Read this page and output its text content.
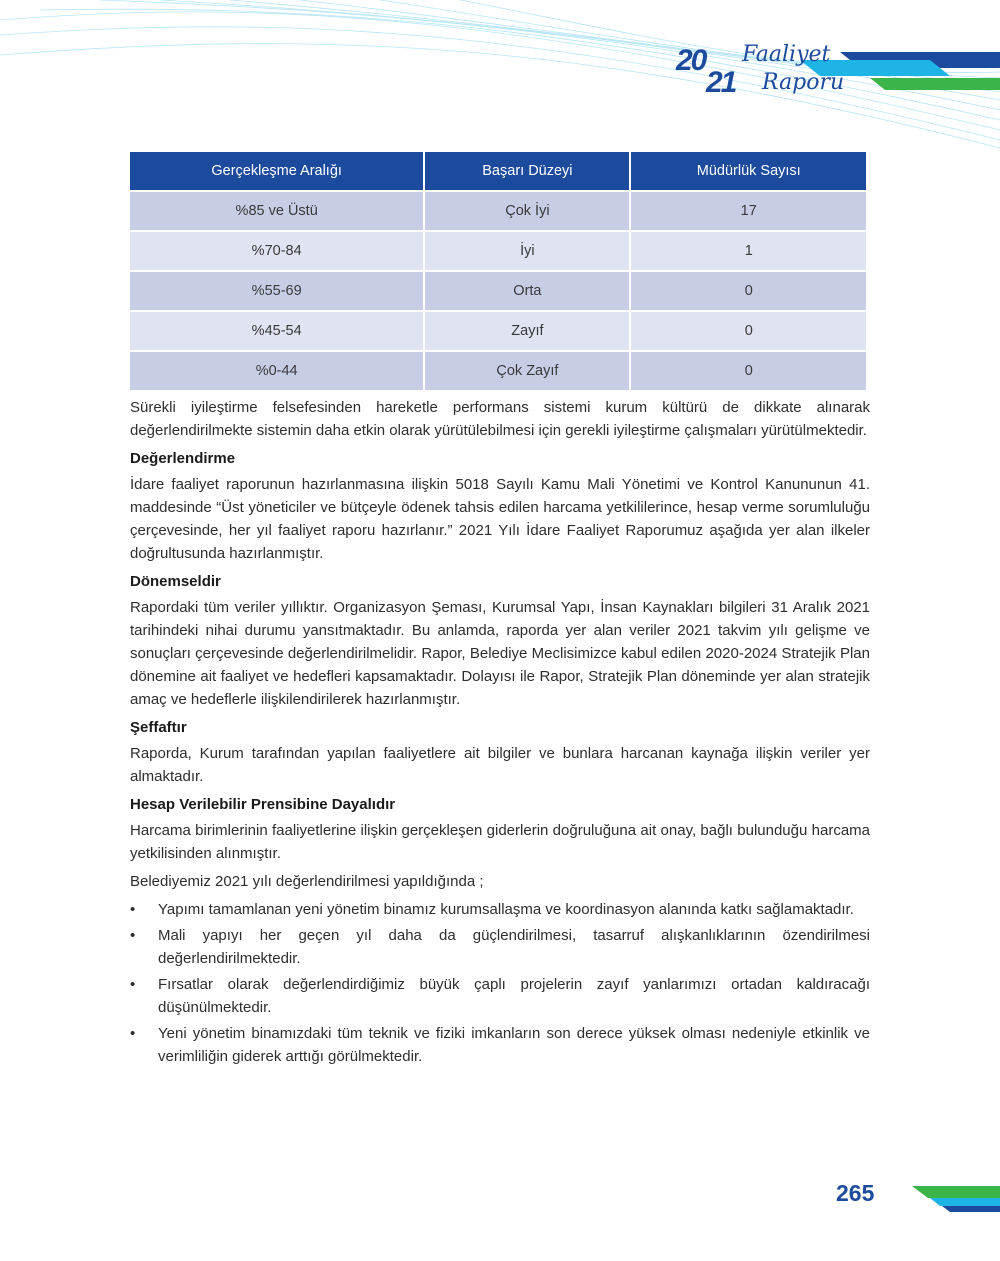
20
21
Faaliyet
Raporu
Gerçekleşme Aralığı	Başarı Düzeyi	Müdürlük Sayısı
%85 ve Üstü	Çok İyi	17
%70-84	İyi	1
%55-69	Orta	0
%45-54	Zayıf	0
%0-44	Çok Zayıf	0

Sürekli iyileştirme felsefesinden hareketle performans sistemi kurum kültürü de dikkate alınarak değerlendirilmekte sistemin daha etkin olarak yürütülebilmesi için gerekli iyileştirme çalışmaları yürütülmektedir.

Değerlendirme

İdare faaliyet raporunun hazırlanmasına ilişkin 5018 Sayılı Kamu Mali Yönetimi ve Kontrol Kanununun 41. maddesinde “Üst yöneticiler ve bütçeyle ödenek tahsis edilen harcama yetkililerince, hesap verme sorumluluğu çerçevesinde, her yıl faaliyet raporu hazırlanır.” 2021 Yılı İdare Faaliyet Raporumuz aşağıda yer alan ilkeler doğrultusunda hazırlanmıştır.

Dönemseldir

Rapordaki tüm veriler yıllıktır. Organizasyon Şeması, Kurumsal Yapı, İnsan Kaynakları bilgileri 31 Aralık 2021 tarihindeki nihai durumu yansıtmaktadır. Bu anlamda, raporda yer alan veriler 2021 takvim yılı gelişme ve sonuçları çerçevesinde değerlendirilmelidir. Rapor, Belediye Meclisimizce kabul edilen 2020-2024 Stratejik Plan dönemine ait faaliyet ve hedefleri kapsamaktadır. Dolayısı ile Rapor, Stratejik Plan döneminde yer alan stratejik amaç ve hedeflerle ilişkilendirilerek hazırlanmıştır.

Şeffaftır

Raporda, Kurum tarafından yapılan faaliyetlere ait bilgiler ve bunlara harcanan kaynağa ilişkin veriler yer almaktadır.

Hesap Verilebilir Prensibine Dayalıdır

Harcama birimlerinin faaliyetlerine ilişkin gerçekleşen giderlerin doğruluğuna ait onay, bağlı bulunduğu harcama yetkilisinden alınmıştır.

Belediyemiz 2021 yılı değerlendirilmesi yapıldığında ;

• Yapımı tamamlanan yeni yönetim binamız kurumsallaşma ve koordinasyon alanında katkı sağlamaktadır.
• Mali yapıyı her geçen yıl daha da güçlendirilmesi, tasarruf alışkanlıklarının özendirilmesi değerlendirilmektedir.
• Fırsatlar olarak değerlendirdiğimiz büyük çaplı projelerin zayıf yanlarımızı ortadan kaldıracağı düşünülmektedir.
• Yeni yönetim binamızdaki tüm teknik ve fiziki imkanların son derece yüksek olması nedeniyle etkinlik ve verimliliğin giderek arttığı görülmektedir.
265
